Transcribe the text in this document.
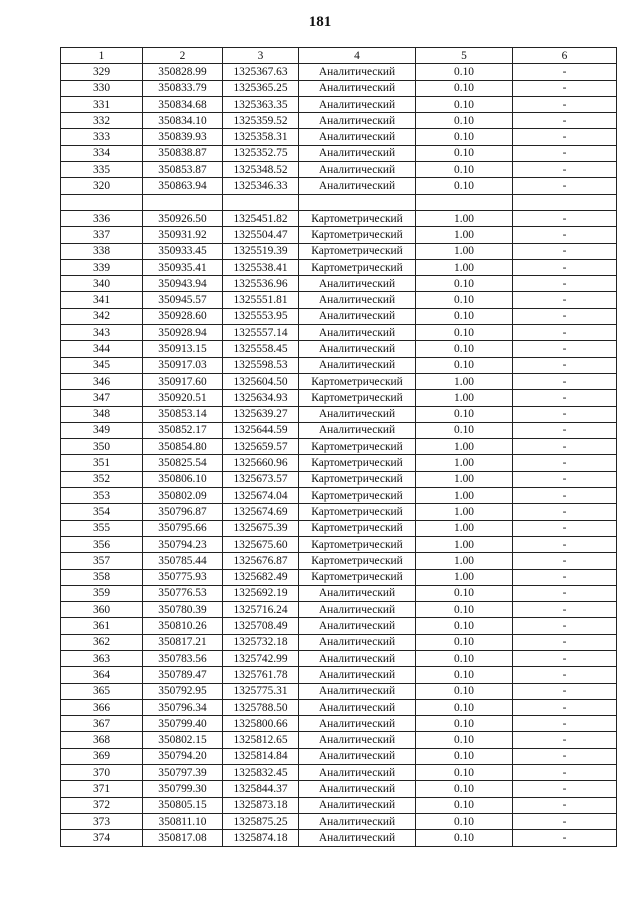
181
1	2	3	4	5	6
329	350828.99	1325367.63	Аналитический	0.10	-
330	350833.79	1325365.25	Аналитический	0.10	-
331	350834.68	1325363.35	Аналитический	0.10	-
332	350834.10	1325359.52	Аналитический	0.10	-
333	350839.93	1325358.31	Аналитический	0.10	-
334	350838.87	1325352.75	Аналитический	0.10	-
335	350853.87	1325348.52	Аналитический	0.10	-
320	350863.94	1325346.33	Аналитический	0.10	-

336	350926.50	1325451.82	Картометрический	1.00	-
337	350931.92	1325504.47	Картометрический	1.00	-
338	350933.45	1325519.39	Картометрический	1.00	-
339	350935.41	1325538.41	Картометрический	1.00	-
340	350943.94	1325536.96	Аналитический	0.10	-
341	350945.57	1325551.81	Аналитический	0.10	-
342	350928.60	1325553.95	Аналитический	0.10	-
343	350928.94	1325557.14	Аналитический	0.10	-
344	350913.15	1325558.45	Аналитический	0.10	-
345	350917.03	1325598.53	Аналитический	0.10	-
346	350917.60	1325604.50	Картометрический	1.00	-
347	350920.51	1325634.93	Картометрический	1.00	-
348	350853.14	1325639.27	Аналитический	0.10	-
349	350852.17	1325644.59	Аналитический	0.10	-
350	350854.80	1325659.57	Картометрический	1.00	-
351	350825.54	1325660.96	Картометрический	1.00	-
352	350806.10	1325673.57	Картометрический	1.00	-
353	350802.09	1325674.04	Картометрический	1.00	-
354	350796.87	1325674.69	Картометрический	1.00	-
355	350795.66	1325675.39	Картометрический	1.00	-
356	350794.23	1325675.60	Картометрический	1.00	-
357	350785.44	1325676.87	Картометрический	1.00	-
358	350775.93	1325682.49	Картометрический	1.00	-
359	350776.53	1325692.19	Аналитический	0.10	-
360	350780.39	1325716.24	Аналитический	0.10	-
361	350810.26	1325708.49	Аналитический	0.10	-
362	350817.21	1325732.18	Аналитический	0.10	-
363	350783.56	1325742.99	Аналитический	0.10	-
364	350789.47	1325761.78	Аналитический	0.10	-
365	350792.95	1325775.31	Аналитический	0.10	-
366	350796.34	1325788.50	Аналитический	0.10	-
367	350799.40	1325800.66	Аналитический	0.10	-
368	350802.15	1325812.65	Аналитический	0.10	-
369	350794.20	1325814.84	Аналитический	0.10	-
370	350797.39	1325832.45	Аналитический	0.10	-
371	350799.30	1325844.37	Аналитический	0.10	-
372	350805.15	1325873.18	Аналитический	0.10	-
373	350811.10	1325875.25	Аналитический	0.10	-
374	350817.08	1325874.18	Аналитический	0.10	-
